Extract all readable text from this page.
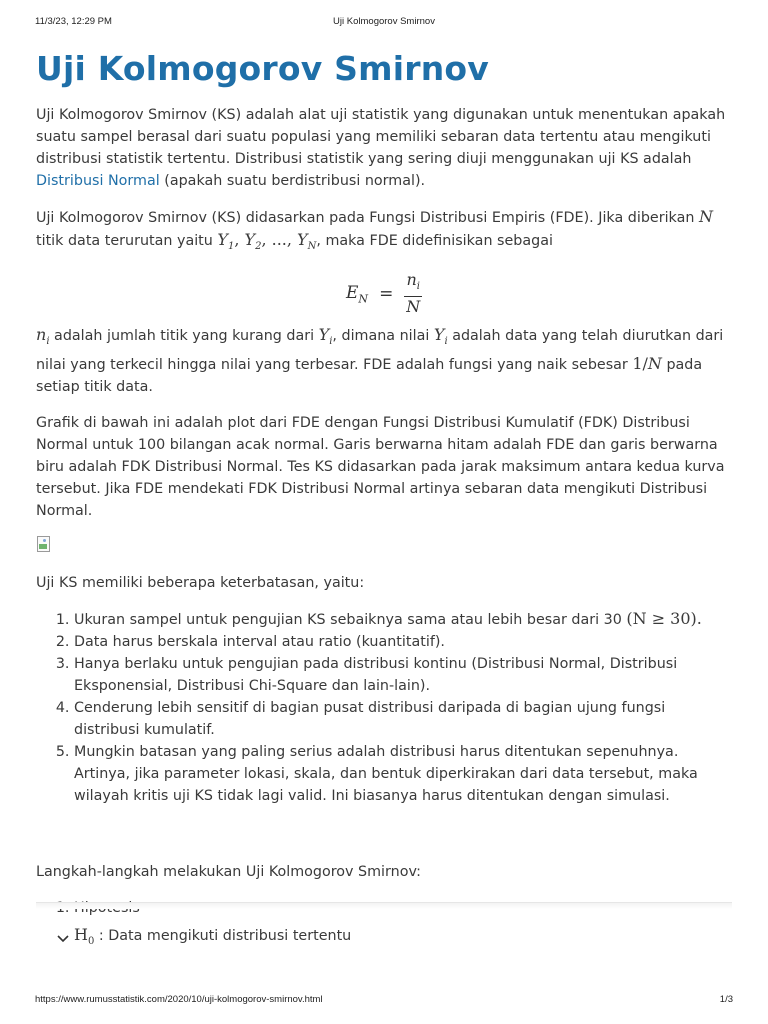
11/3/23, 12:29 PM	Uji Kolmogorov Smirnov
Uji Kolmogorov Smirnov

Uji Kolmogorov Smirnov (KS) adalah alat uji statistik yang digunakan untuk menentukan apakah suatu sampel berasal dari suatu populasi yang memiliki sebaran data tertentu atau mengikuti distribusi statistik tertentu. Distribusi statistik yang sering diuji menggunakan uji KS adalah Distribusi Normal (apakah suatu berdistribusi normal).

Uji Kolmogorov Smirnov (KS) didasarkan pada Fungsi Distribusi Empiris (FDE). Jika diberikan N titik data terurutan yaitu $Y_1$, $Y_2$, ..., $Y_N$, maka FDE didefinisikan sebagai

$E_N = \frac{n_i}{N}$

$n_i$ adalah jumlah titik yang kurang dari $Y_i$, dimana nilai $Y_i$ adalah data yang telah diurutkan dari nilai yang terkecil hingga nilai yang terbesar. FDE adalah fungsi yang naik sebesar 1/N pada setiap titik data.

Grafik di bawah ini adalah plot dari FDE dengan Fungsi Distribusi Kumulatif (FDK) Distribusi Normal untuk 100 bilangan acak normal. Garis berwarna hitam adalah FDE dan garis berwarna biru adalah FDK Distribusi Normal. Tes KS didasarkan pada jarak maksimum antara kedua kurva tersebut. Jika FDE mendekati FDK Distribusi Normal artinya sebaran data mengikuti Distribusi Normal.

Uji KS memiliki beberapa keterbatasan, yaitu:

1. Ukuran sampel untuk pengujian KS sebaiknya sama atau lebih besar dari 30 (N ≥ 30).
2. Data harus berskala interval atau ratio (kuantitatif).
3. Hanya berlaku untuk pengujian pada distribusi kontinu (Distribusi Normal, Distribusi Eksponensial, Distribusi Chi-Square dan lain-lain).
4. Cenderung lebih sensitif di bagian pusat distribusi daripada di bagian ujung fungsi distribusi kumulatif.
5. Mungkin batasan yang paling serius adalah distribusi harus ditentukan sepenuhnya. Artinya, jika parameter lokasi, skala, dan bentuk diperkirakan dari data tersebut, maka wilayah kritis uji KS tidak lagi valid. Ini biasanya harus ditentukan dengan simulasi.

Langkah-langkah melakukan Uji Kolmogorov Smirnov:

1.
$H_0$ : Data mengikuti distribusi tertentu
https://www.rumusstatistik.com/2020/10/uji-kolmogorov-smirnov.html	1/3
